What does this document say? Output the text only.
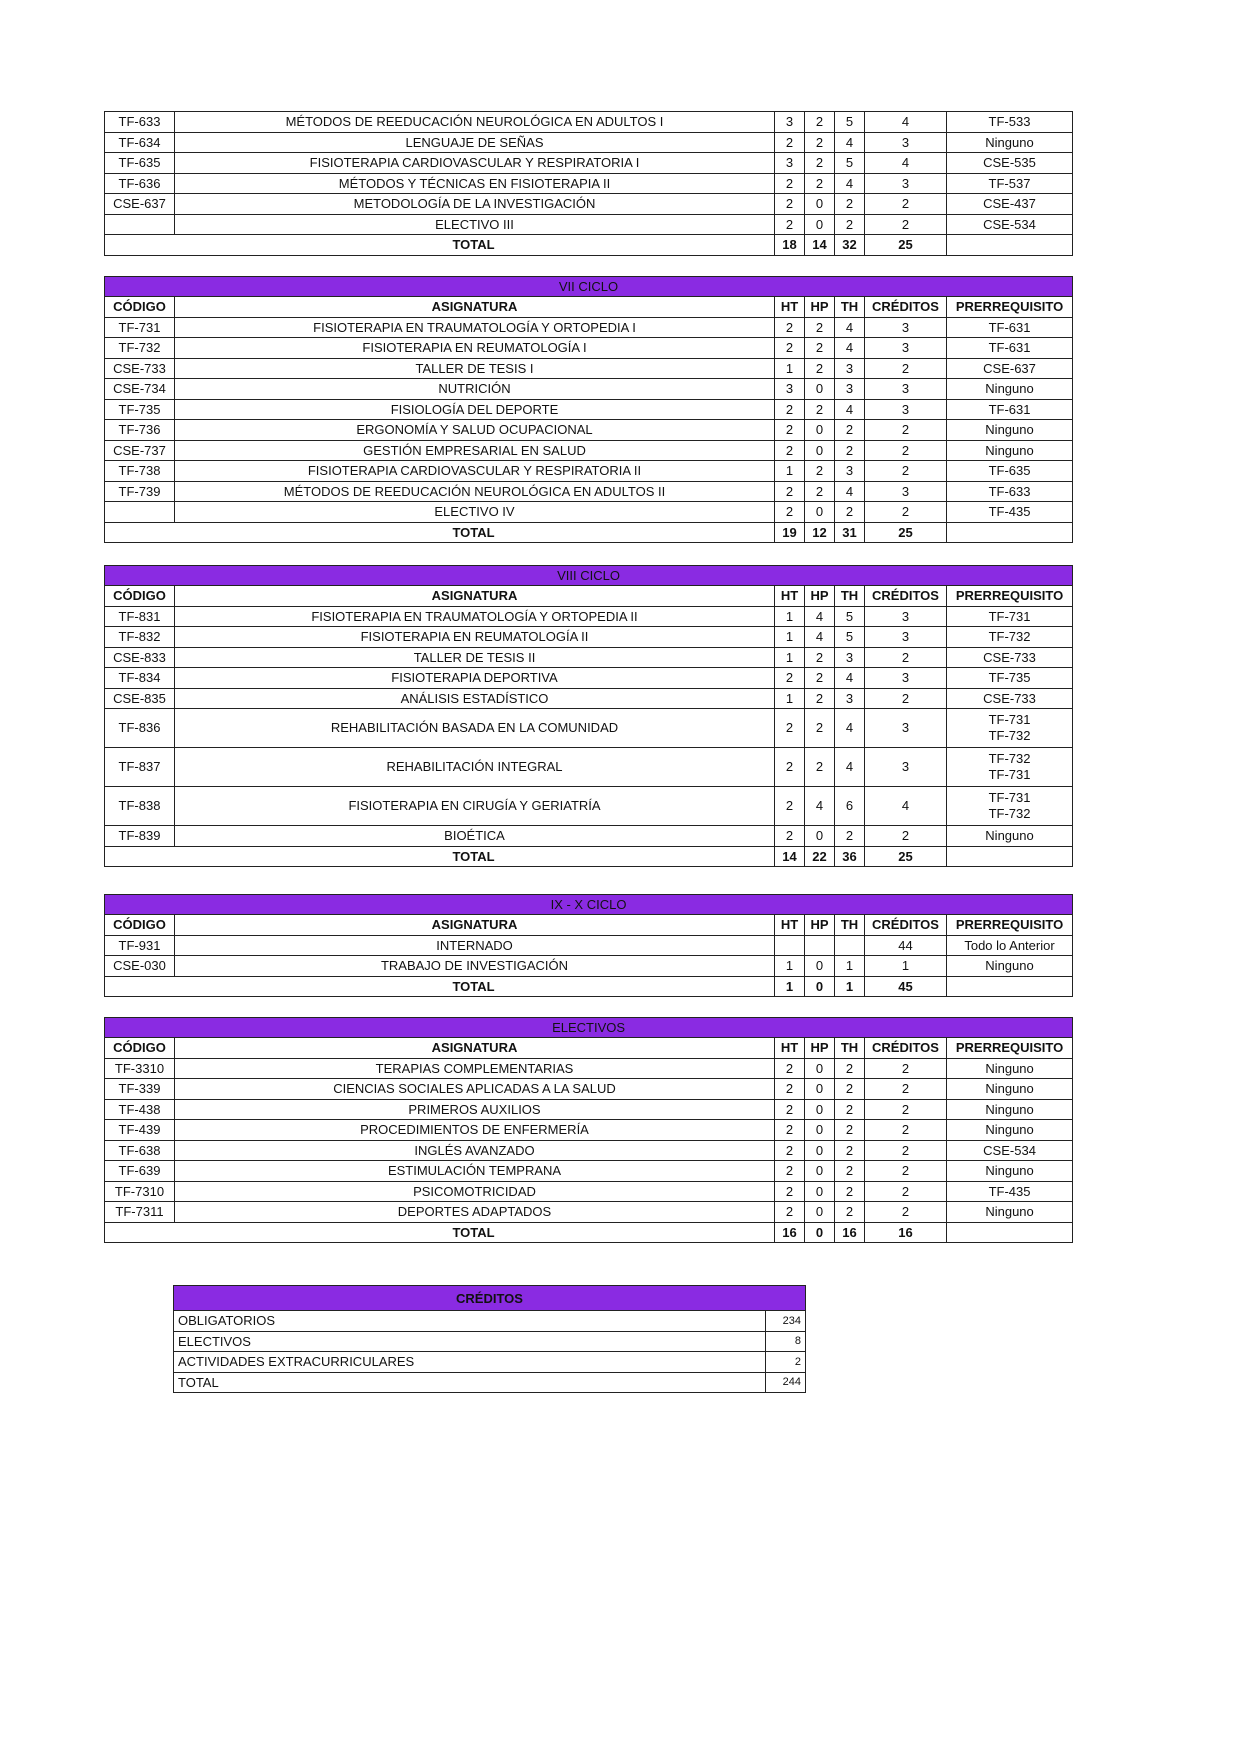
TF-633	MÉTODOS DE REEDUCACIÓN NEUROLÓGICA EN ADULTOS I	3	2	5	4	TF-533
TF-634	LENGUAJE DE SEÑAS	2	2	4	3	Ninguno
TF-635	FISIOTERAPIA CARDIOVASCULAR Y RESPIRATORIA I	3	2	5	4	CSE-535
TF-636	MÉTODOS Y TÉCNICAS EN FISIOTERAPIA II	2	2	4	3	TF-537
CSE-637	METODOLOGÍA DE LA INVESTIGACIÓN	2	0	2	2	CSE-437
	ELECTIVO III	2	0	2	2	CSE-534
TOTAL		18	14	32	25	
VII CICLO						
CÓDIGO	ASIGNATURA	HT	HP	TH	CRÉDITOS	PRERREQUISITO
TF-731	FISIOTERAPIA EN TRAUMATOLOGÍA Y ORTOPEDIA I	2	2	4	3	TF-631
TF-732	FISIOTERAPIA EN REUMATOLOGÍA I	2	2	4	3	TF-631
CSE-733	TALLER DE TESIS I	1	2	3	2	CSE-637
CSE-734	NUTRICIÓN	3	0	3	3	Ninguno
TF-735	FISIOLOGÍA DEL DEPORTE	2	2	4	3	TF-631
TF-736	ERGONOMÍA Y SALUD OCUPACIONAL	2	0	2	2	Ninguno
CSE-737	GESTIÓN EMPRESARIAL EN SALUD	2	0	2	2	Ninguno
TF-738	FISIOTERAPIA CARDIOVASCULAR Y RESPIRATORIA II	1	2	3	2	TF-635
TF-739	MÉTODOS DE REEDUCACIÓN NEUROLÓGICA EN ADULTOS II	2	2	4	3	TF-633
	ELECTIVO IV	2	0	2	2	TF-435
TOTAL		19	12	31	25	
VIII CICLO						
CÓDIGO	ASIGNATURA	HT	HP	TH	CRÉDITOS	PRERREQUISITO
TF-831	FISIOTERAPIA EN TRAUMATOLOGÍA Y ORTOPEDIA II	1	4	5	3	TF-731
TF-832	FISIOTERAPIA EN REUMATOLOGÍA II	1	4	5	3	TF-732
CSE-833	TALLER DE TESIS II	1	2	3	2	CSE-733
TF-834	FISIOTERAPIA DEPORTIVA	2	2	4	3	TF-735
CSE-835	ANÁLISIS ESTADÍSTICO	1	2	3	2	CSE-733
TF-836	REHABILITACIÓN BASADA EN LA COMUNIDAD	2	2	4	3	TF-731
TF-732

TF-837	REHABILITACIÓN INTEGRAL	2	2	4	3	TF-732
TF-731

TF-838	FISIOTERAPIA EN CIRUGÍA Y GERIATRÍA	2	4	6	4	TF-731
TF-732

TF-839	BIOÉTICA	2	0	2	2	Ninguno
TOTAL		14	22	36	25	
IX - X CICLO						
CÓDIGO	ASIGNATURA	HT	HP	TH	CRÉDITOS	PRERREQUISITO
TF-931	INTERNADO				44	Todo lo Anterior
CSE-030	TRABAJO DE INVESTIGACIÓN	1	0	1	1	Ninguno
TOTAL		1	0	1	45	
ELECTIVOS						
CÓDIGO	ASIGNATURA	HT	HP	TH	CRÉDITOS	PRERREQUISITO
TF-3310	TERAPIAS COMPLEMENTARIAS	2	0	2	2	Ninguno
TF-339	CIENCIAS SOCIALES APLICADAS A LA SALUD	2	0	2	2	Ninguno
TF-438	PRIMEROS AUXILIOS	2	0	2	2	Ninguno
TF-439	PROCEDIMIENTOS DE ENFERMERÍA	2	0	2	2	Ninguno
TF-638	INGLÉS AVANZADO	2	0	2	2	CSE-534
TF-639	ESTIMULACIÓN TEMPRANA	2	0	2	2	Ninguno
TF-7310	PSICOMOTRICIDAD	2	0	2	2	TF-435
TF-7311	DEPORTES ADAPTADOS	2	0	2	2	Ninguno
TOTAL		16	0	16	16	
CRÉDITOS	
OBLIGATORIOS	234
ELECTIVOS	8
ACTIVIDADES EXTRACURRICULARES	2
TOTAL	244
